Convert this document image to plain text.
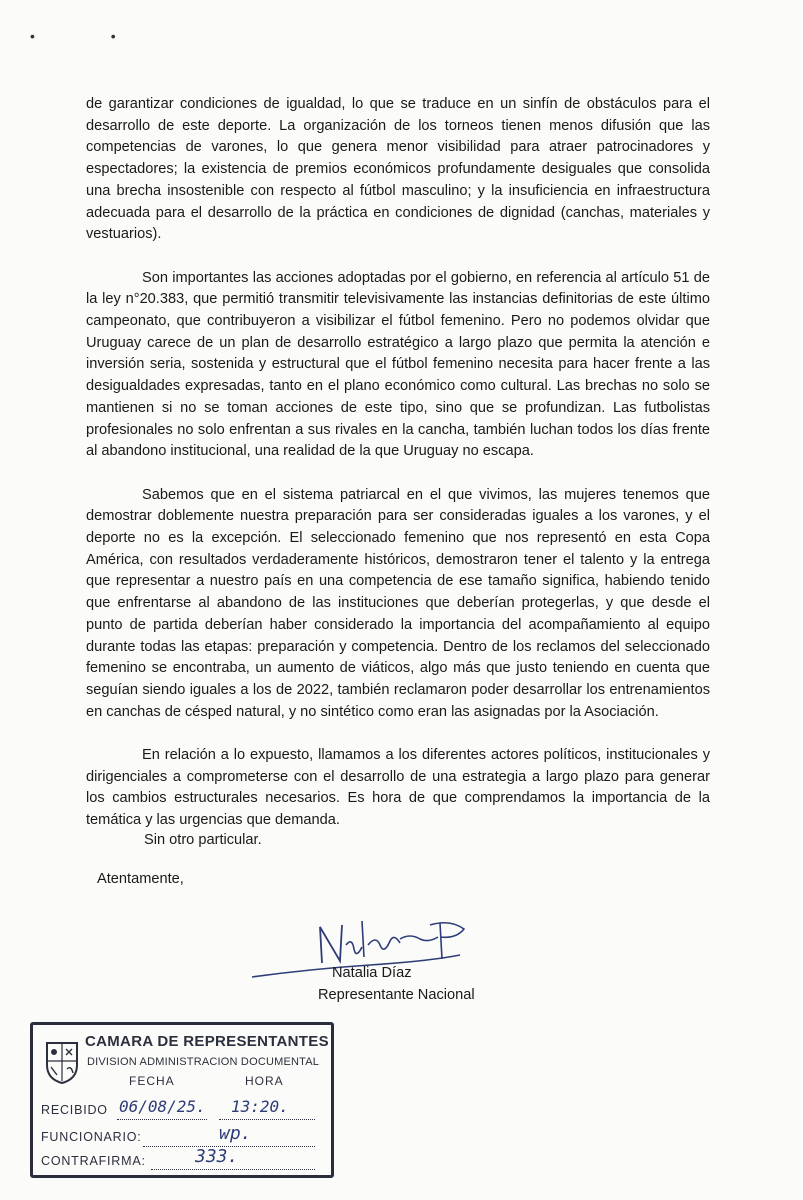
• •

de garantizar condiciones de igualdad, lo que se traduce en un sinfín de obstáculos para el desarrollo de este deporte. La organización de los torneos tienen menos difusión que las competencias de varones, lo que genera menor visibilidad para atraer patrocinadores y espectadores; la existencia de premios económicos profundamente desiguales que consolida una brecha insostenible con respecto al fútbol masculino; y la insuficiencia en infraestructura adecuada para el desarrollo de la práctica en condiciones de dignidad (canchas, materiales y vestuarios).

Son importantes las acciones adoptadas por el gobierno, en referencia al artículo 51 de la ley n°20.383, que permitió transmitir televisivamente las instancias definitorias de este último campeonato, que contribuyeron a visibilizar el fútbol femenino. Pero no podemos olvidar que Uruguay carece de un plan de desarrollo estratégico a largo plazo que permita la atención e inversión seria, sostenida y estructural que el fútbol femenino necesita para hacer frente a las desigualdades expresadas, tanto en el plano económico como cultural. Las brechas no solo se mantienen si no se toman acciones de este tipo, sino que se profundizan. Las futbolistas profesionales no solo enfrentan a sus rivales en la cancha, también luchan todos los días frente al abandono institucional, una realidad de la que Uruguay no escapa.

Sabemos que en el sistema patriarcal en el que vivimos, las mujeres tenemos que demostrar doblemente nuestra preparación para ser consideradas iguales a los varones, y el deporte no es la excepción. El seleccionado femenino que nos representó en esta Copa América, con resultados verdaderamente históricos, demostraron tener el talento y la entrega que representar a nuestro país en una competencia de ese tamaño significa, habiendo tenido que enfrentarse al abandono de las instituciones que deberían protegerlas, y que desde el punto de partida deberían haber considerado la importancia del acompañamiento al equipo durante todas las etapas: preparación y competencia. Dentro de los reclamos del seleccionado femenino se encontraba, un aumento de viáticos, algo más que justo teniendo en cuenta que seguían siendo iguales a los de 2022, también reclamaron poder desarrollar los entrenamientos en canchas de césped natural, y no sintético como eran las asignadas por la Asociación.

En relación a lo expuesto, llamamos a los diferentes actores políticos, institucionales y dirigenciales a comprometerse con el desarrollo de una estrategia a largo plazo para generar los cambios estructurales necesarios. Es hora de que comprendamos la importancia de la temática y las urgencias que demanda.

Sin otro particular.
Atentamente,
Natalia Díaz
Representante Nacional
CAMARA DE REPRESENTANTES
DIVISION ADMINISTRACION DOCUMENTAL
FECHA	HORA
RECIBIDO 06/08/25. 13:20.
FUNCIONARIO:	wp.
CONTRAFIRMA:	333.
